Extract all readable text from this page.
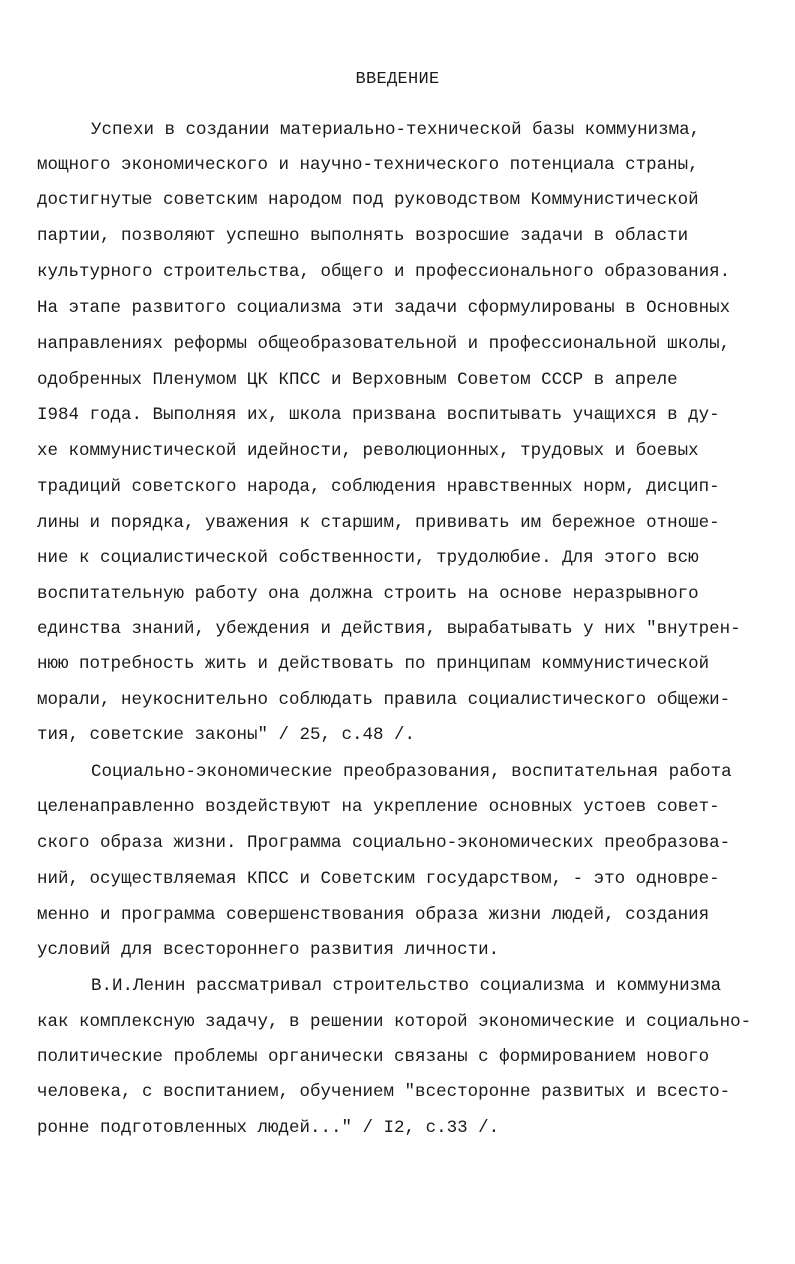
ВВЕДЕНИЕ
Успехи в создании материально-технической базы коммунизма,
мощного экономического и научно-технического потенциала страны,
достигнутые советским народом под руководством Коммунистической
партии, позволяют успешно выполнять возросшие задачи в области
культурного строительства, общего и профессионального образования.
На этапе развитого социализма эти задачи сформулированы в Основных
направлениях реформы общеобразовательной и профессиональной школы,
одобренных Пленумом ЦК КПСС и Верховным Советом СССР в апреле
I984 года. Выполняя их, школа призвана воспитывать учащихся в ду-
хе коммунистической идейности, революционных, трудовых и боевых
традиций советского народа, соблюдения нравственных норм, дисцип-
лины и порядка, уважения к старшим, прививать им бережное отноше-
ние к социалистической собственности, трудолюбие. Для этого всю
воспитательную работу она должна строить на основе неразрывного
единства знаний, убеждения и действия, вырабатывать у них "внутрен-
нюю потребность жить и действовать по принципам коммунистической
морали, неукоснительно соблюдать правила социалистического общежи-
тия, советские законы" / 25, с.48 /.
Социально-экономические преобразования, воспитательная работа
целенаправленно воздействуют на укрепление основных устоев совет-
ского образа жизни. Программа социально-экономических преобразова-
ний, осуществляемая КПСС и Советским государством, - это одновре-
менно и программа совершенствования образа жизни людей, создания
условий для всестороннего развития личности.
В.И.Ленин рассматривал строительство социализма и коммунизма
как комплексную задачу, в решении которой экономические и социально-
политические проблемы органически связаны с формированием нового
человека, с воспитанием, обучением "всесторонне развитых и всесто-
ронне подготовленных людей..." / I2, с.33 /.
